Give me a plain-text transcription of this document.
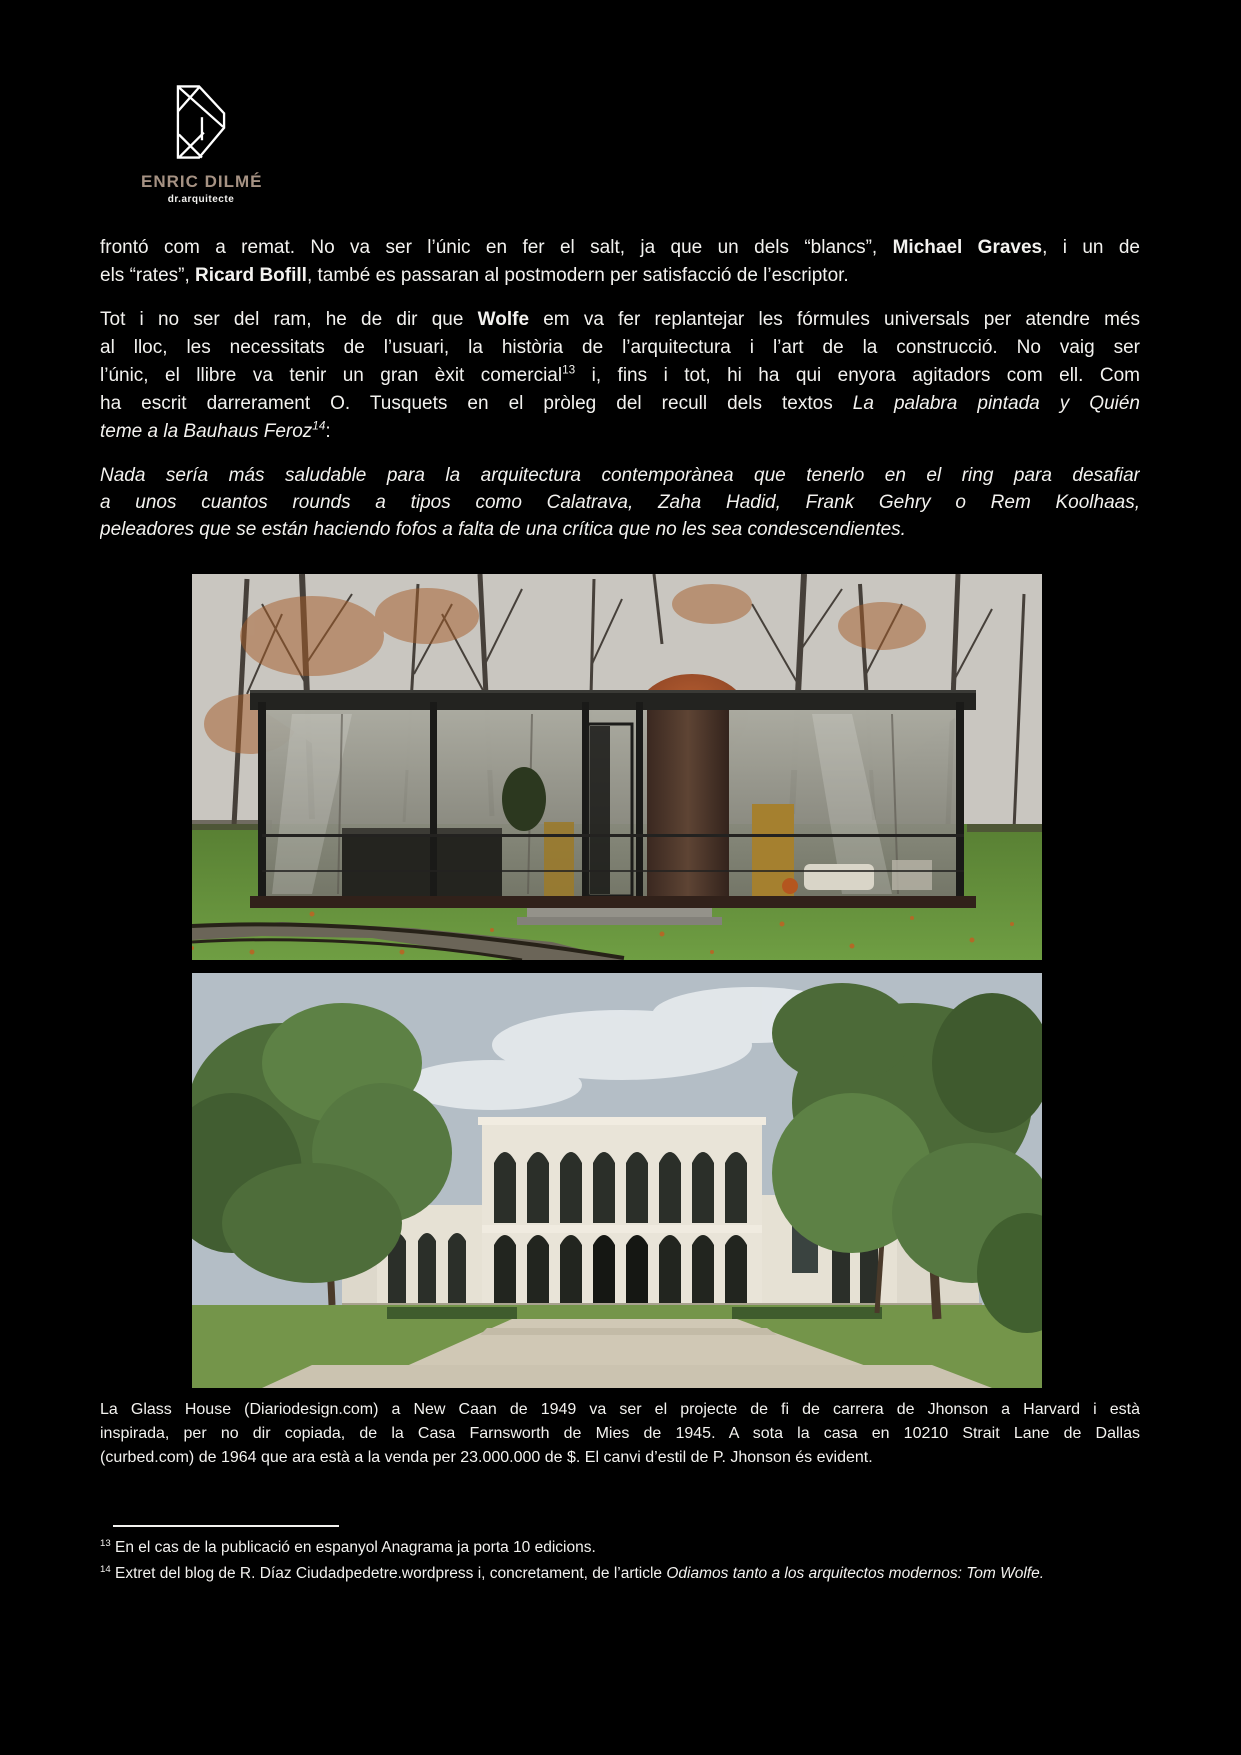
ENRIC DILMÉ
dr.arquitecte
frontó com a remat. No va ser l’únic en fer el salt, ja que un dels “blancs”, Michael Graves, i un de
els “rates”, Ricard Bofill, també es passaran al postmodern per satisfacció de l’escriptor.
Tot i no ser del ram, he de dir que Wolfe em va fer replantejar les fórmules universals per atendre més
al lloc, les necessitats de l’usuari, la història de l’arquitectura i l’art de la construcció. No vaig ser
l’únic, el llibre va tenir un gran èxit comercial$^{13}$ i, fins i tot, hi ha qui enyora agitadors com ell. Com
ha escrit darrerament O. Tusquets en el pròleg del recull dels textos La palabra pintada y Quién
teme a la Bauhaus Feroz$^{14}$:
Nada sería más saludable para la arquitectura contemporànea que tenerlo en el ring para desafiar
a unos cuantos rounds a tipos como Calatrava, Zaha Hadid, Frank Gehry o Rem Koolhaas,
peleadores que se están haciendo fofos a falta de una crítica que no les sea condescendientes.
La Glass House (Diariodesign.com) a New Caan de 1949 va ser el projecte de fi de carrera de Jhonson a Harvard i està
inspirada, per no dir copiada, de la Casa Farnsworth de Mies de 1945. A sota la casa en 10210 Strait Lane de Dallas
(curbed.com) de 1964 que ara està a la venda per 23.000.000 de $. El canvi d’estil de P. Jhonson és evident.
$^{13}$ En el cas de la publicació en espanyol Anagrama ja porta 10 edicions.
$^{14}$ Extret del blog de R. Díaz Ciudadpedetre.wordpress i, concretament, de l’article Odiamos tanto a los arquitectos modernos: Tom Wolfe.
